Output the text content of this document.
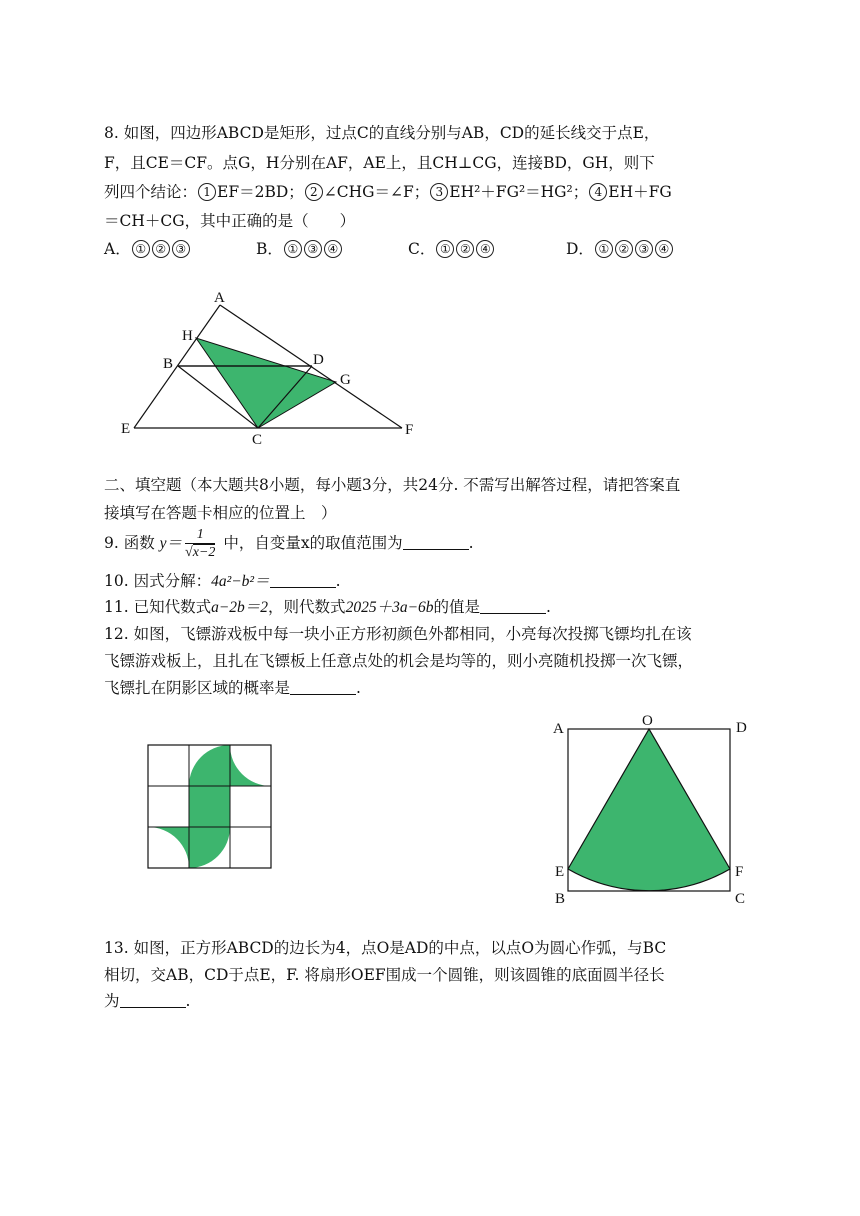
8. 如图，四边形ABCD是矩形，过点C的直线分别与AB，CD的延长线交于点E，
F，且CE＝CF。点G，H分别在AF，AE上，且CH⊥CG，连接BD，GH，则下
列四个结论： 1 EF＝2BD； 2 ∠CHG＝∠F； 3 EH²＋FG²＝HG²； 4 EH＋FG
＝CH＋CG，其中正确的是（　　）
A． ① ② ③	B． ① ③ ④	C． ① ② ④	D． ① ② ③ ④
A
H
B	D
G
E
C
F
A	O	D
E	F
B	C
二、填空题（本大题共8小题，每小题3分，共24分. 不需写出解答过程，请把答案直
接填写在答题卡相应的位置上　）
9. 函数 $y= \frac{1}{√x-2}$ 中，自变量x的取值范围为	.
10. 因式分解：4a²−b²＝	.
11. 已知代数式a−2b＝2，则代数式2025＋3a−6b的值是	.
12. 如图，飞镖游戏板中每一块小正方形初颜色外都相同，小亮每次投掷飞镖均扎在该
飞镖游戏板上，且扎在飞镖板上任意点处的机会是均等的，则小亮随机投掷一次飞镖，
飞镖扎在阴影区域的概率是	.
13. 如图，正方形ABCD的边长为4，点O是AD的中点，以点O为圆心作弧，与BC
相切，交AB，CD于点E，F. 将扇形OEF围成一个圆锥，则该圆锥的底面圆半径长
为	.
